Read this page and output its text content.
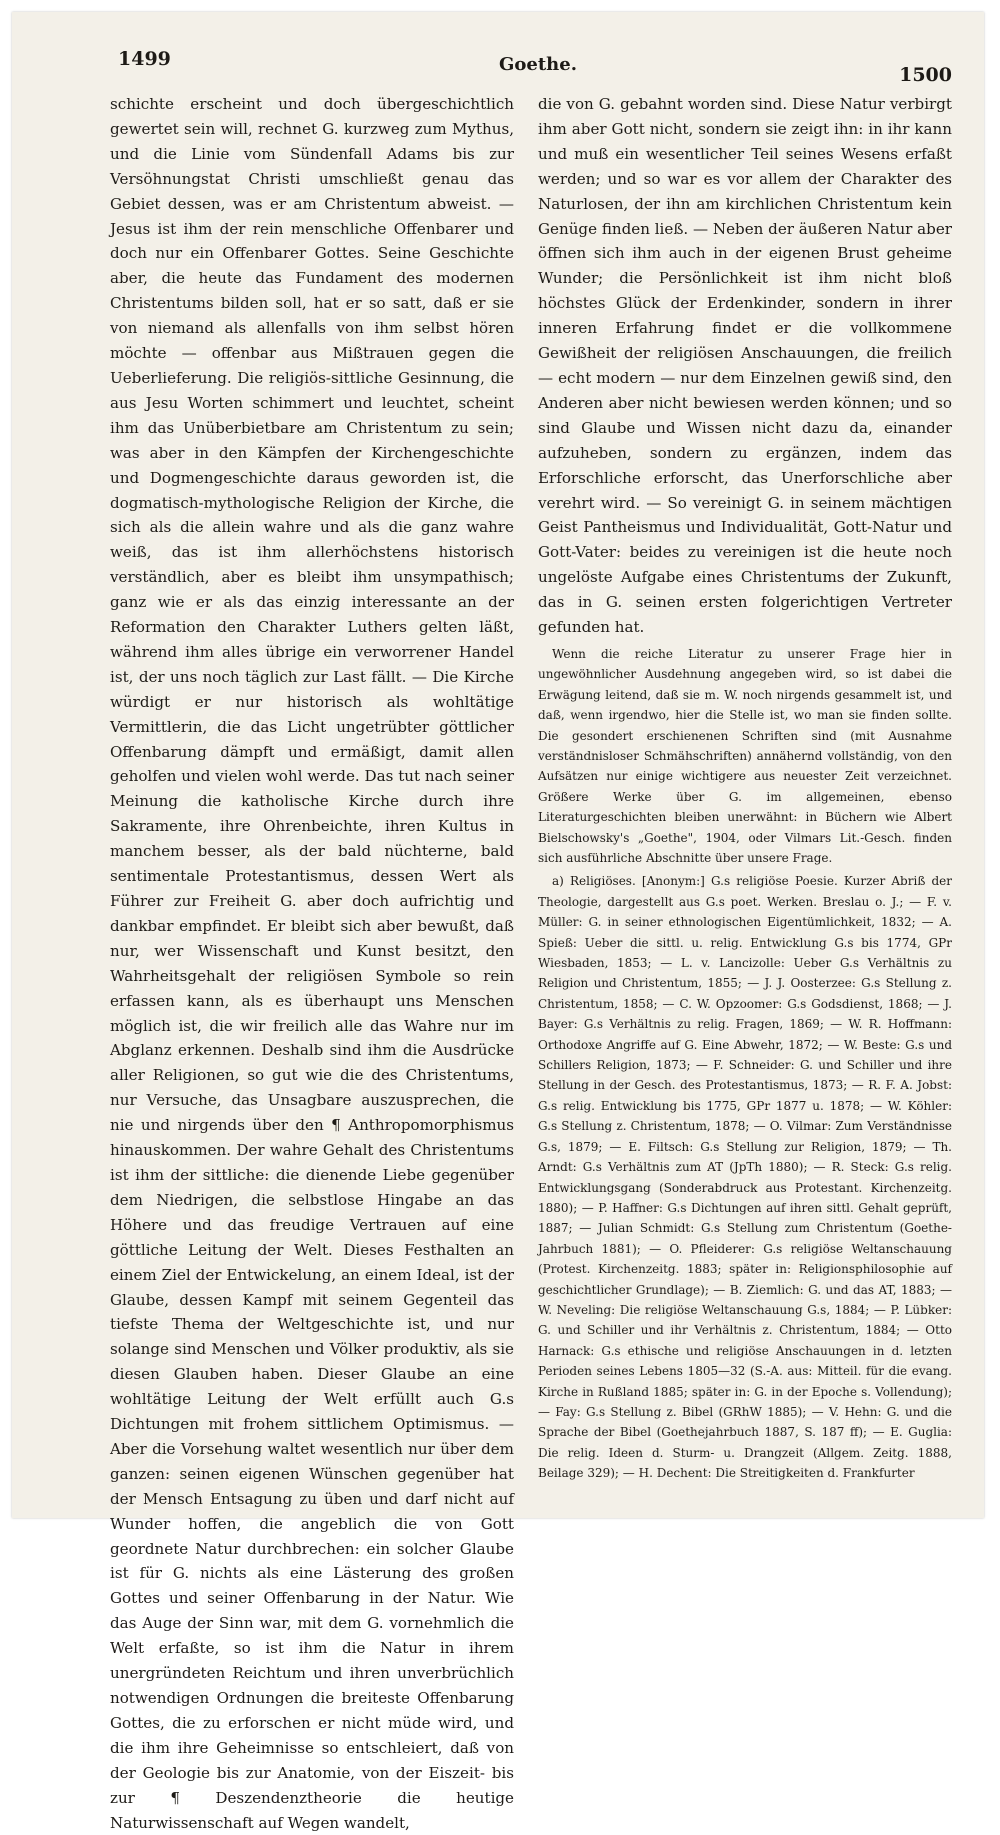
1499	Goethe.	1500

schichte erscheint und doch übergeschichtlich gewertet sein will, rechnet G. kurzweg zum Mythus, und die Linie vom Sündenfall Adams bis zur Versöhnungstat Christi umschließt genau das Gebiet dessen, was er am Christentum abweist. — Jesus ist ihm der rein menschliche Offenbarer und doch nur ein Offenbarer Gottes. Seine Geschichte aber, die heute das Fundament des modernen Christentums bilden soll, hat er so satt, daß er sie von niemand als allenfalls von ihm selbst hören möchte — offenbar aus Mißtrauen gegen die Ueberlieferung. Die religiös-sittliche Gesinnung, die aus Jesu Worten schimmert und leuchtet, scheint ihm das Unüberbietbare am Christentum zu sein; was aber in den Kämpfen der Kirchengeschichte und Dogmengeschichte daraus geworden ist, die dogmatisch-mythologische Religion der Kirche, die sich als die allein wahre und als die ganz wahre weiß, das ist ihm allerhöchstens historisch verständlich, aber es bleibt ihm unsympathisch; ganz wie er als das einzig interessante an der Reformation den Charakter Luthers gelten läßt, während ihm alles übrige ein verworrener Handel ist, der uns noch täglich zur Last fällt. — Die Kirche würdigt er nur historisch als wohltätige Vermittlerin, die das Licht ungetrübter göttlicher Offenbarung dämpft und ermäßigt, damit allen geholfen und vielen wohl werde. Das tut nach seiner Meinung die katholische Kirche durch ihre Sakramente, ihre Ohrenbeichte, ihren Kultus in manchem besser, als der bald nüchterne, bald sentimentale Protestantismus, dessen Wert als Führer zur Freiheit G. aber doch aufrichtig und dankbar empfindet. Er bleibt sich aber bewußt, daß nur, wer Wissenschaft und Kunst besitzt, den Wahrheitsgehalt der religiösen Symbole so rein erfassen kann, als es überhaupt uns Menschen möglich ist, die wir freilich alle das Wahre nur im Abglanz erkennen. Deshalb sind ihm die Ausdrücke aller Religionen, so gut wie die des Christentums, nur Versuche, das Unsagbare auszusprechen, die nie und nirgends über den ¶ Anthropomorphismus hinauskommen. Der wahre Gehalt des Christentums ist ihm der sittliche: die dienende Liebe gegenüber dem Niedrigen, die selbstlose Hingabe an das Höhere und das freudige Vertrauen auf eine göttliche Leitung der Welt. Dieses Festhalten an einem Ziel der Entwickelung, an einem Ideal, ist der Glaube, dessen Kampf mit seinem Gegenteil das tiefste Thema der Weltgeschichte ist, und nur solange sind Menschen und Völker produktiv, als sie diesen Glauben haben. Dieser Glaube an eine wohltätige Leitung der Welt erfüllt auch G.s Dichtungen mit frohem sittlichem Optimismus. — Aber die Vorsehung waltet wesentlich nur über dem ganzen: seinen eigenen Wünschen gegenüber hat der Mensch Entsagung zu üben und darf nicht auf Wunder hoffen, die angeblich die von Gott geordnete Natur durchbrechen: ein solcher Glaube ist für G. nichts als eine Lästerung des großen Gottes und seiner Offenbarung in der Natur. Wie das Auge der Sinn war, mit dem G. vornehmlich die Welt erfaßte, so ist ihm die Natur in ihrem unergründeten Reichtum und ihren unverbrüchlich notwendigen Ordnungen die breiteste Offenbarung Gottes, die zu erforschen er nicht müde wird, und die ihm ihre Geheimnisse so entschleiert, daß von der Geologie bis zur Anatomie, von der Eiszeit- bis zur ¶ Deszendenztheorie die heutige Naturwissenschaft auf Wegen wandelt,

die von G. gebahnt worden sind. Diese Natur verbirgt ihm aber Gott nicht, sondern sie zeigt ihn: in ihr kann und muß ein wesentlicher Teil seines Wesens erfaßt werden; und so war es vor allem der Charakter des Naturlosen, der ihn am kirchlichen Christentum kein Genüge finden ließ. — Neben der äußeren Natur aber öffnen sich ihm auch in der eigenen Brust geheime Wunder; die Persönlichkeit ist ihm nicht bloß höchstes Glück der Erdenkinder, sondern in ihrer inneren Erfahrung findet er die vollkommene Gewißheit der religiösen Anschauungen, die freilich — echt modern — nur dem Einzelnen gewiß sind, den Anderen aber nicht bewiesen werden können; und so sind Glaube und Wissen nicht dazu da, einander aufzuheben, sondern zu ergänzen, indem das Erforschliche erforscht, das Unerforschliche aber verehrt wird. — So vereinigt G. in seinem mächtigen Geist Pantheismus und Individualität, Gott-Natur und Gott-Vater: beides zu vereinigen ist die heute noch ungelöste Aufgabe eines Christentums der Zukunft, das in G. seinen ersten folgerichtigen Vertreter gefunden hat.

Wenn die reiche Literatur zu unserer Frage hier in ungewöhnlicher Ausdehnung angegeben wird, so ist dabei die Erwägung leitend, daß sie m. W. noch nirgends gesammelt ist, und daß, wenn irgendwo, hier die Stelle ist, wo man sie finden sollte. Die gesondert erschienenen Schriften sind (mit Ausnahme verständnisloser Schmähschriften) annähernd vollständig, von den Aufsätzen nur einige wichtigere aus neuester Zeit verzeichnet. Größere Werke über G. im allgemeinen, ebenso Literaturgeschichten bleiben unerwähnt: in Büchern wie Albert Bielschowsky's „Goethe", 1904, oder Vilmars Lit.-Gesch. finden sich ausführliche Abschnitte über unsere Frage.

a) Religiöses. [Anonym:] G.s religiöse Poesie. Kurzer Abriß der Theologie, dargestellt aus G.s poet. Werken. Breslau o. J.; — F. v. Müller: G. in seiner ethnologischen Eigentümlichkeit, 1832; — A. Spieß: Ueber die sittl. u. relig. Entwicklung G.s bis 1774, GPr Wiesbaden, 1853; — L. v. Lancizolle: Ueber G.s Verhältnis zu Religion und Christentum, 1855; — J. J. Oosterzee: G.s Stellung z. Christentum, 1858; — C. W. Opzoomer: G.s Godsdienst, 1868; — J. Bayer: G.s Verhältnis zu relig. Fragen, 1869; — W. R. Hoffmann: Orthodoxe Angriffe auf G. Eine Abwehr, 1872; — W. Beste: G.s und Schillers Religion, 1873; — F. Schneider: G. und Schiller und ihre Stellung in der Gesch. des Protestantismus, 1873; — R. F. A. Jobst: G.s relig. Entwicklung bis 1775, GPr 1877 u. 1878; — W. Köhler: G.s Stellung z. Christentum, 1878; — O. Vilmar: Zum Verständnisse G.s, 1879; — E. Filtsch: G.s Stellung zur Religion, 1879; — Th. Arndt: G.s Verhältnis zum AT (JpTh 1880); — R. Steck: G.s relig. Entwicklungsgang (Sonderabdruck aus Protestant. Kirchenzeitg. 1880); — P. Haffner: G.s Dichtungen auf ihren sittl. Gehalt geprüft, 1887; — Julian Schmidt: G.s Stellung zum Christentum (Goethe-Jahrbuch 1881); — O. Pfleiderer: G.s religiöse Weltanschauung (Protest. Kirchenzeitg. 1883; später in: Religionsphilosophie auf geschichtlicher Grundlage); — B. Ziemlich: G. und das AT, 1883; — W. Neveling: Die religiöse Weltanschauung G.s, 1884; — P. Lübker: G. und Schiller und ihr Verhältnis z. Christentum, 1884; — Otto Harnack: G.s ethische und religiöse Anschauungen in d. letzten Perioden seines Lebens 1805—32 (S.-A. aus: Mitteil. für die evang. Kirche in Rußland 1885; später in: G. in der Epoche s. Vollendung); — Fay: G.s Stellung z. Bibel (GRhW 1885); — V. Hehn: G. und die Sprache der Bibel (Goethejahrbuch 1887, S. 187 ff); — E. Guglia: Die relig. Ideen d. Sturm- u. Drangzeit (Allgem. Zeitg. 1888, Beilage 329); — H. Dechent: Die Streitigkeiten d. Frankfurter
